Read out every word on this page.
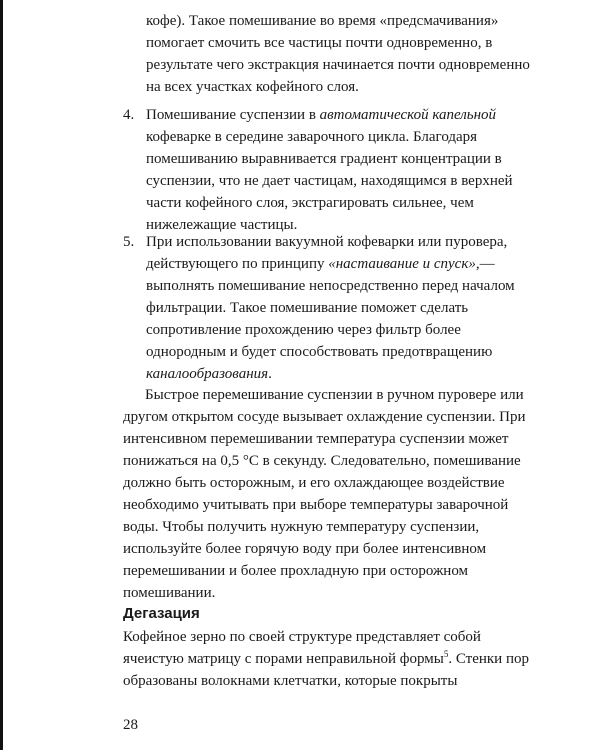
кофе). Такое помешивание во время «предсмачивания» помогает смочить все частицы почти одновременно, в результате чего экстракция начинается почти одновременно на всех участках кофейного слоя.

4. Помешивание суспензии в автоматической капельной кофеварке в середине заварочного цикла. Благодаря помешиванию выравнивается градиент концентрации в суспензии, что не дает частицам, находящимся в верхней части кофейного слоя, экстрагировать сильнее, чем нижележащие частицы.
5. При использовании вакуумной кофеварки или пуровера, действующего по принципу «настаивание и спуск»,— выполнять помешивание непосредственно перед началом фильтрации. Такое помешивание поможет сделать сопротивление прохождению через фильтр более однородным и будет способствовать предотвращению каналообразования.

Быстрое перемешивание суспензии в ручном пуровере или другом открытом сосуде вызывает охлаждение суспензии. При интенсивном перемешивании температура суспензии может понижаться на 0,5 °С в секунду. Следовательно, помешивание должно быть осторожным, и его охлаждающее воздействие необходимо учитывать при выборе температуры заварочной воды. Чтобы получить нужную температуру суспензии, используйте более горячую воду при более интенсивном перемешивании и более прохладную при осторожном помешивании.

Дегазация

Кофейное зерно по своей структуре представляет собой ячеистую матрицу с порами неправильной формы$^5$. Стенки пор образованы волокнами клетчатки, которые покрыты

28
